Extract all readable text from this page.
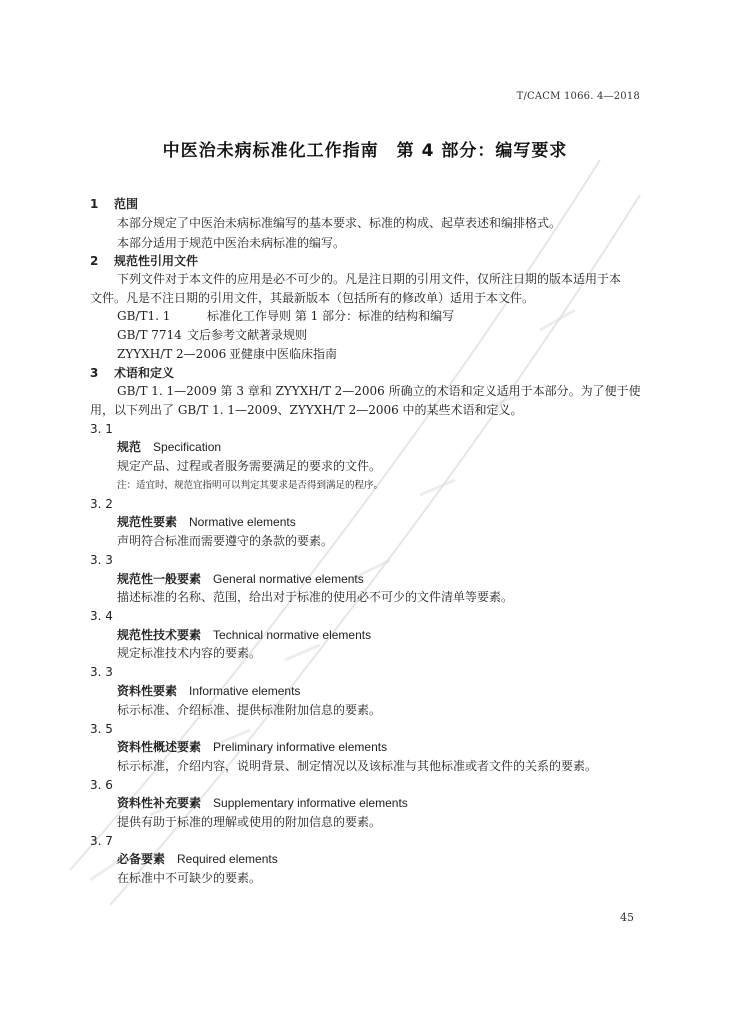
T/CACM 1066. 4—2018
中医治未病标准化工作指南　第 4 部分：编写要求
1 范围
本部分规定了中医治未病标准编写的基本要求、标准的构成、起草表述和编排格式。
本部分适用于规范中医治未病标准的编写。
2 规范性引用文件
下列文件对于本文件的应用是必不可少的。凡是注日期的引用文件，仅所注日期的版本适用于本
文件。凡是不注日期的引用文件，其最新版本（包括所有的修改单）适用于本文件。
GB/T1. 1	标准化工作导则 第 1 部分：标准的结构和编写
GB/T 7714 文后参考文献著录规则
ZYYXH/T 2—2006 亚健康中医临床指南
3 术语和定义
GB/T 1. 1—2009 第 3 章和 ZYYXH/T 2—2006 所确立的术语和定义适用于本部分。为了便于使
用，以下列出了 GB/T 1. 1—2009、ZYYXH/T 2—2006 中的某些术语和定义。
3. 1
规范 Specification
规定产品、过程或者服务需要满足的要求的文件。
注：适宜时，规范宜指明可以判定其要求是否得到满足的程序。
3. 2
规范性要素 Normative elements
声明符合标准而需要遵守的条款的要素。
3. 3
规范性一般要素 General normative elements
描述标准的名称、范围，给出对于标准的使用必不可少的文件清单等要素。
3. 4
规范性技术要素 Technical normative elements
规定标准技术内容的要素。
3. 3
资料性要素 Informative elements
标示标准、介绍标准、提供标准附加信息的要素。
3. 5
资料性概述要素 Preliminary informative elements
标示标准，介绍内容，说明背景、制定情况以及该标准与其他标准或者文件的关系的要素。
3. 6
资料性补充要素 Supplementary informative elements
提供有助于标准的理解或使用的附加信息的要素。
3. 7
必备要素 Required elements
在标准中不可缺少的要素。
45
